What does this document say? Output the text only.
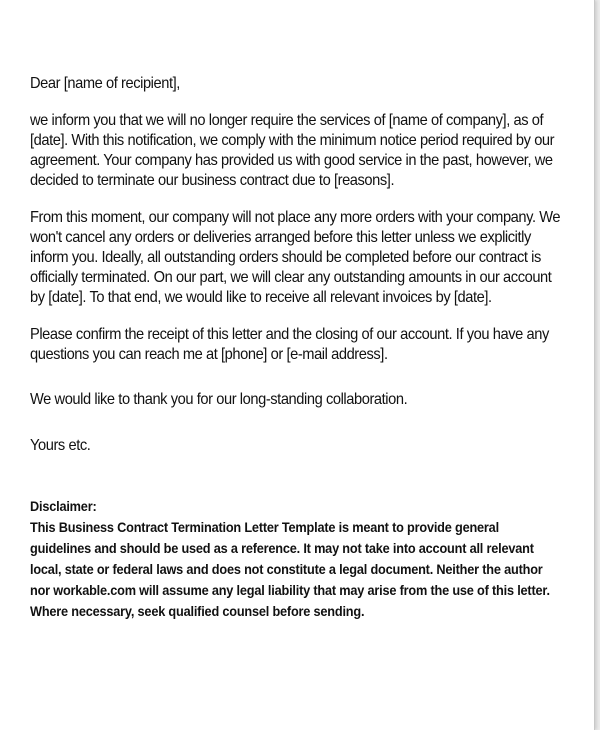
Dear [name of recipient],
we inform you that we will no longer require the services of [name of company], as of
[date]. With this notification, we comply with the minimum notice period required by our
agreement. Your company has provided us with good service in the past, however, we
decided to terminate our business contract due to [reasons].
From this moment, our company will not place any more orders with your company. We
won't cancel any orders or deliveries arranged before this letter unless we explicitly
inform you. Ideally, all outstanding orders should be completed before our contract is
officially terminated. On our part, we will clear any outstanding amounts in our account
by [date]. To that end, we would like to receive all relevant invoices by [date].
Please confirm the receipt of this letter and the closing of our account. If you have any
questions you can reach me at [phone] or [e-mail address].
We would like to thank you for our long-standing collaboration.
Yours etc.
Disclaimer:
This Business Contract Termination Letter Template is meant to provide general
guidelines and should be used as a reference. It may not take into account all relevant
local, state or federal laws and does not constitute a legal document. Neither the author
nor workable.com will assume any legal liability that may arise from the use of this letter.
Where necessary, seek qualified counsel before sending.
